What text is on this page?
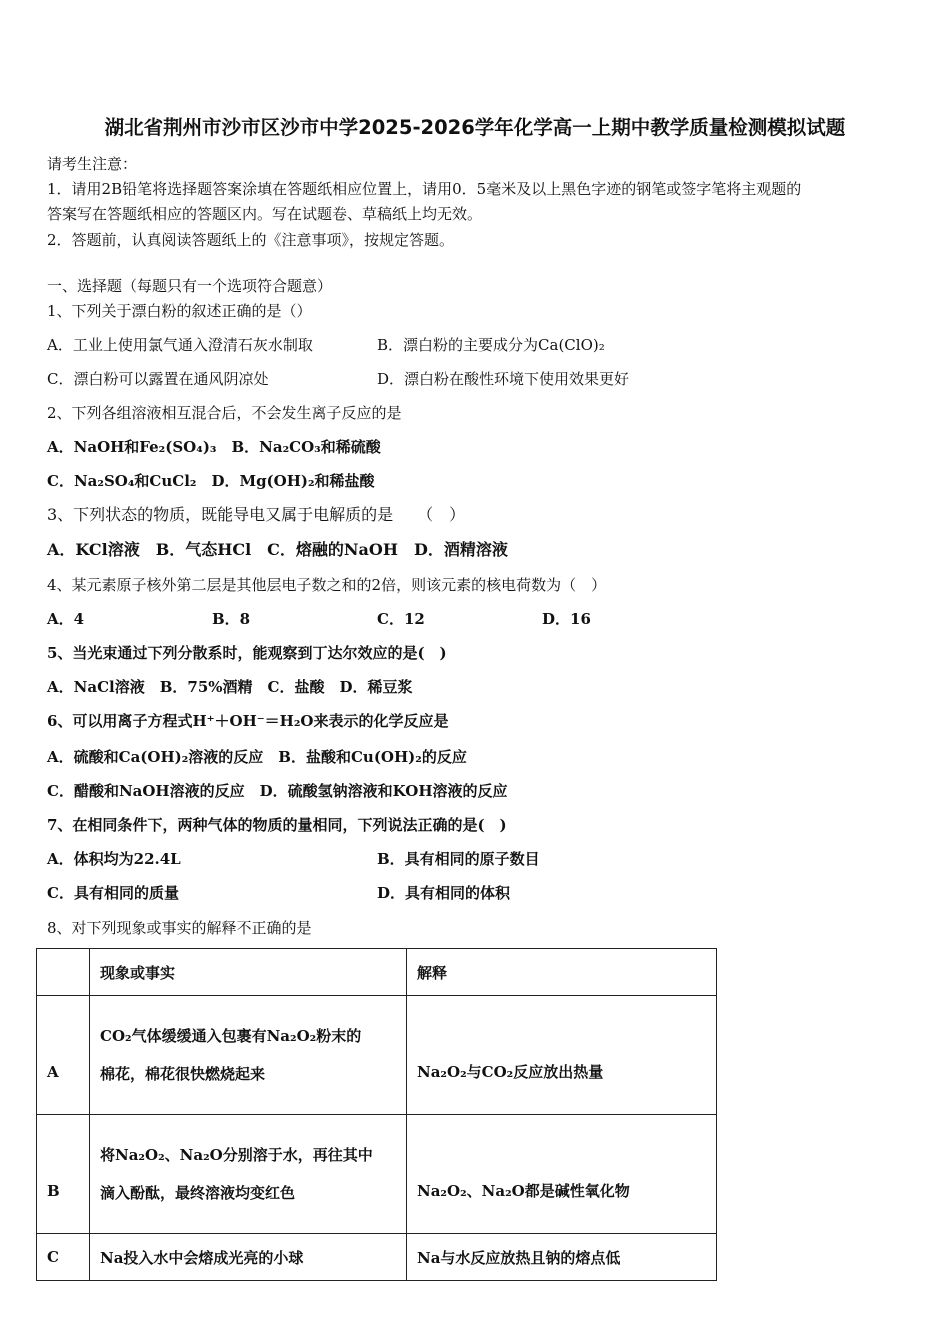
湖北省荆州市沙市区沙市中学2025-2026学年化学高一上期中教学质量检测模拟试题
请考生注意：
1．请用2B铅笔将选择题答案涂填在答题纸相应位置上，请用0．5毫米及以上黑色字迹的钢笔或签字笔将主观题的
答案写在答题纸相应的答题区内。写在试题卷、草稿纸上均无效。
2．答题前，认真阅读答题纸上的《注意事项》，按规定答题。
一、选择题（每题只有一个选项符合题意）
1、下列关于漂白粉的叙述正确的是（）
A．工业上使用氯气通入澄清石灰水制取	B．漂白粉的主要成分为Ca(ClO)₂
C．漂白粉可以露置在通风阴凉处	D．漂白粉在酸性环境下使用效果更好
2、下列各组溶液相互混合后，不会发生离子反应的是
A．NaOH和Fe₂(SO₄)₃　B．Na₂CO₃和稀硫酸
C．Na₂SO₄和CuCl₂　D．Mg(OH)₂和稀盐酸
3、下列状态的物质，既能导电又属于电解质的是　　（　）
A．KCl溶液　B．气态HCl　C．熔融的NaOH　D．酒精溶液
4、某元素原子核外第二层是其他层电子数之和的2倍，则该元素的核电荷数为（　）
A．4	B．8	C．12	D．16
5、当光束通过下列分散系时，能观察到丁达尔效应的是(　)
A．NaCl溶液　B．75%酒精　C．盐酸　D．稀豆浆
6、可以用离子方程式H⁺＋OH⁻＝H₂O来表示的化学反应是
A．硫酸和Ca(OH)₂溶液的反应　B．盐酸和Cu(OH)₂的反应
C．醋酸和NaOH溶液的反应　D．硫酸氢钠溶液和KOH溶液的反应
7、在相同条件下，两种气体的物质的量相同，下列说法正确的是(　)
A．体积均为22.4L	B．具有相同的原子数目
C．具有相同的质量	D．具有相同的体积
8、对下列现象或事实的解释不正确的是
	现象或事实	解释
A	CO₂气体缓缓通入包裹有Na₂O₂粉末的
棉花，棉花很快燃烧起来	Na₂O₂与CO₂反应放出热量
B	将Na₂O₂、Na₂O分别溶于水，再往其中
滴入酚酞，最终溶液均变红色	Na₂O₂、Na₂O都是碱性氧化物
C	Na投入水中会熔成光亮的小球	Na与水反应放热且钠的熔点低
